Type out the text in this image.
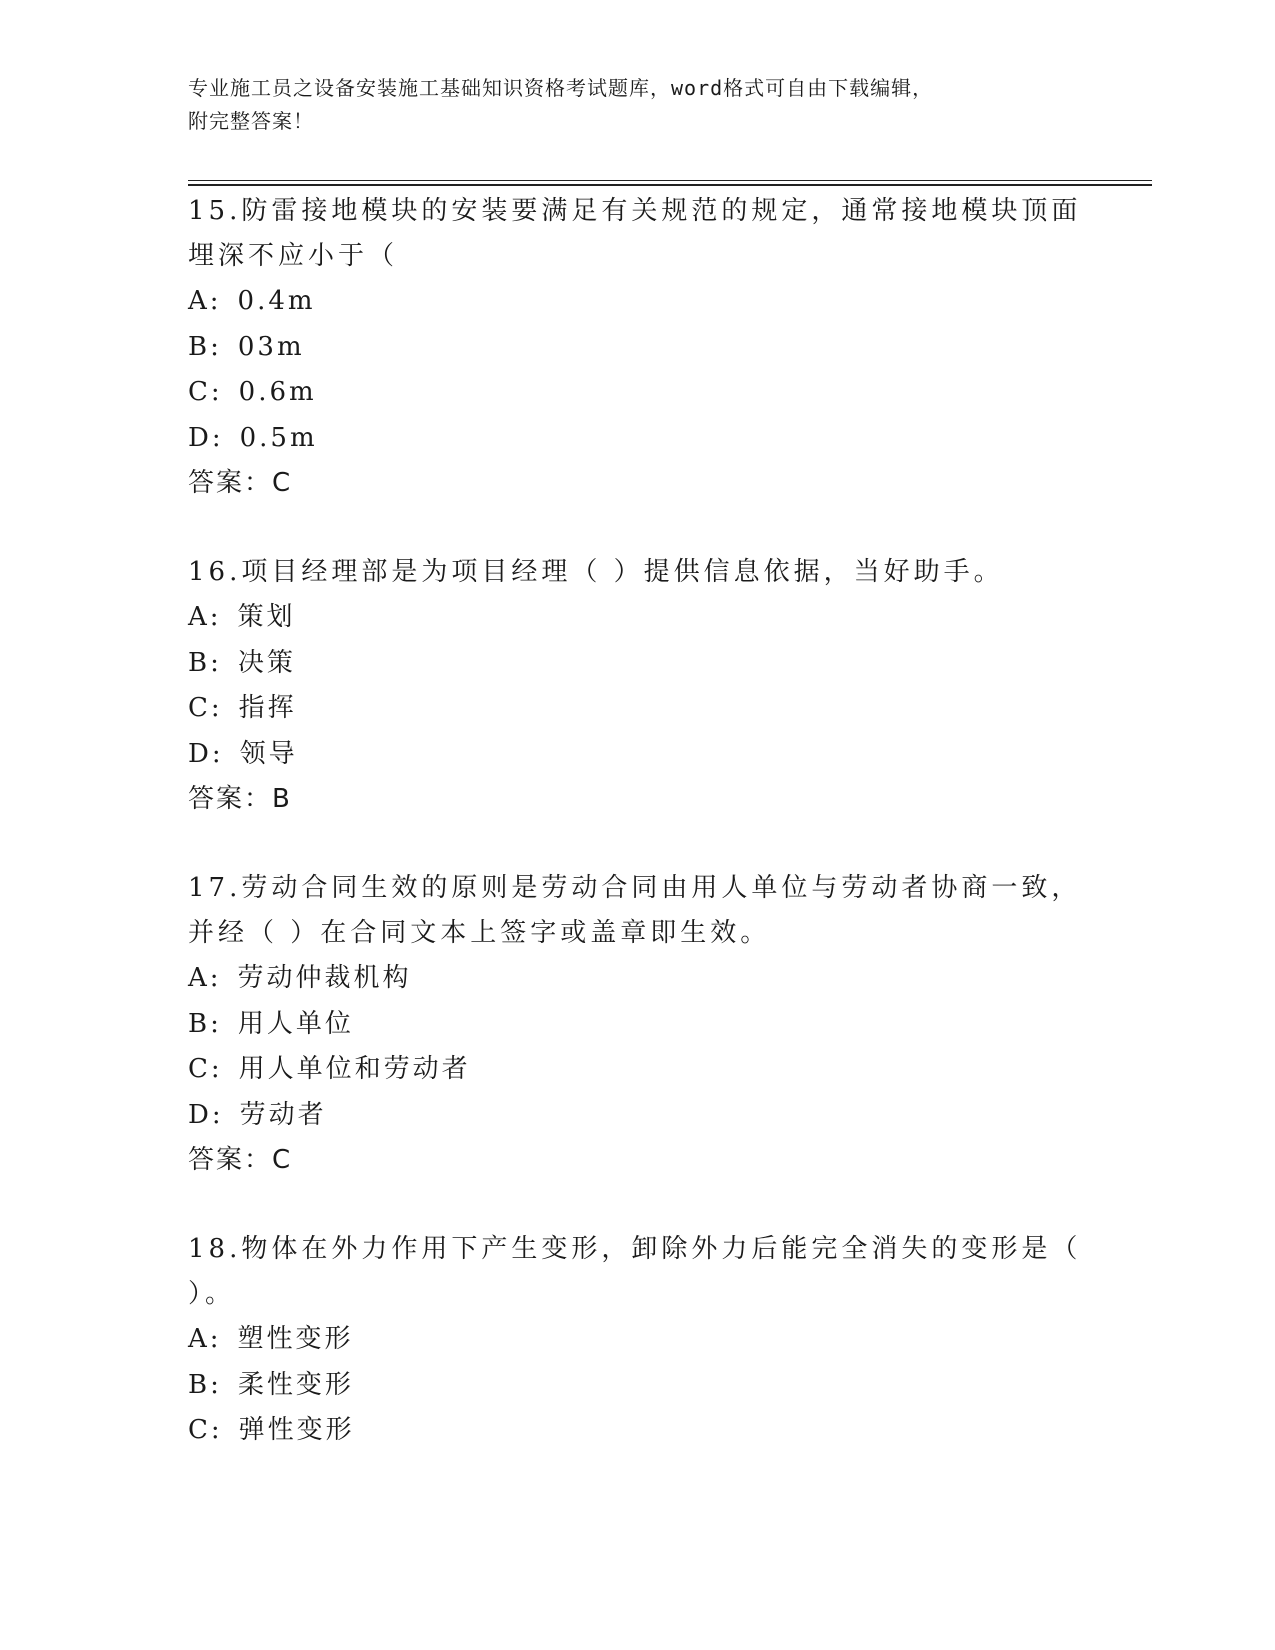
专业施工员之设备安装施工基础知识资格考试题库，word格式可自由下载编辑，
附完整答案！

15.防雷接地模块的安装要满足有关规范的规定，通常接地模块顶面埋深不应小于（

A: 0.4m

B: 03m

C: 0.6m

D: 0.5m

答案：C

16.项目经理部是为项目经理（ ）提供信息依据，当好助手。

A: 策划

B: 决策

C: 指挥

D: 领导

答案：B

17.劳动合同生效的原则是劳动合同由用人单位与劳动者协商一致，并经（ ）在合同文本上签字或盖章即生效。

A: 劳动仲裁机构

B: 用人单位

C: 用人单位和劳动者

D: 劳动者

答案：C

18.物体在外力作用下产生变形，卸除外力后能完全消失的变形是（ ）。

A: 塑性变形

B: 柔性变形

C: 弹性变形
